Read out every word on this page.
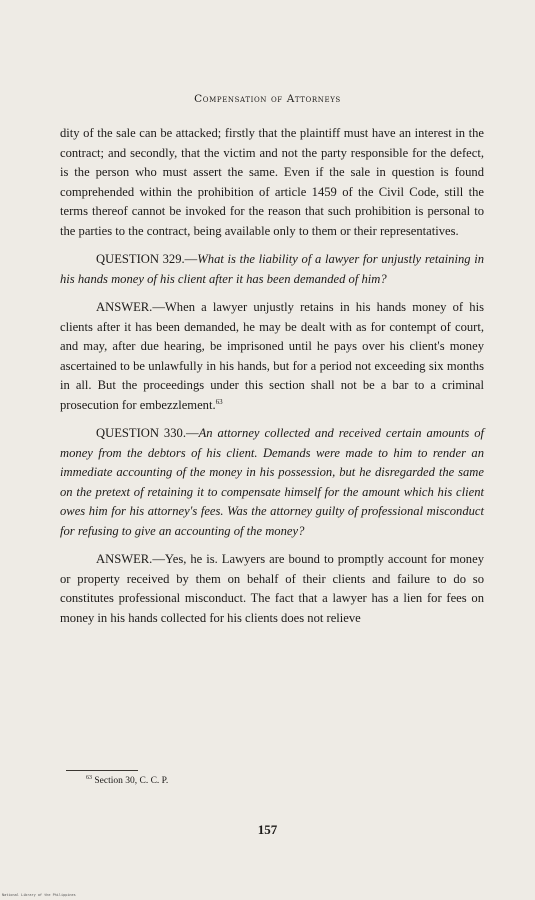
Compensation of Attorneys

dity of the sale can be attacked; firstly that the plaintiff must have an interest in the contract; and secondly, that the victim and not the party responsible for the defect, is the person who must assert the same. Even if the sale in question is found comprehended within the prohibition of article 1459 of the Civil Code, still the terms thereof cannot be invoked for the reason that such prohibition is personal to the parties to the contract, being available only to them or their representatives.

QUESTION 329.—What is the liability of a lawyer for unjustly retaining in his hands money of his client after it has been demanded of him?

ANSWER.—When a lawyer unjustly retains in his hands money of his clients after it has been demanded, he may be dealt with as for contempt of court, and may, after due hearing, be imprisoned until he pays over his client's money ascertained to be unlawfully in his hands, but for a period not exceeding six months in all. But the proceedings under this section shall not be a bar to a criminal prosecution for embezzlement.$^{63}$

QUESTION 330.—An attorney collected and received certain amounts of money from the debtors of his client. Demands were made to him to render an immediate accounting of the money in his possession, but he disregarded the same on the pretext of retaining it to compensate himself for the amount which his client owes him for his attorney's fees. Was the attorney guilty of professional misconduct for refusing to give an accounting of the money?

ANSWER.—Yes, he is. Lawyers are bound to promptly account for money or property received by them on behalf of their clients and failure to do so constitutes professional misconduct. The fact that a lawyer has a lien for fees on money in his hands collected for his clients does not relieve

$^{63}$ Section 30, C. C. P.
157
National Library of the Philippines
